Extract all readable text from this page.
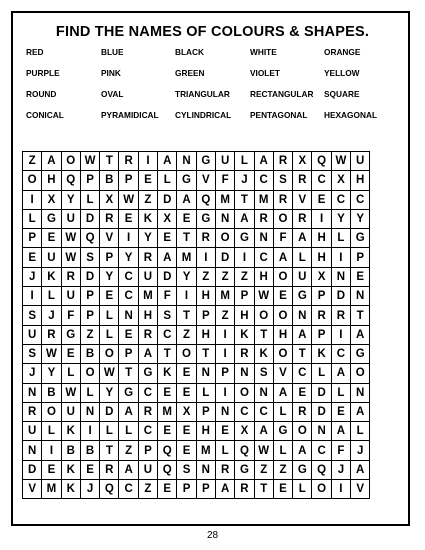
FIND THE NAMES OF COLOURS & SHAPES.
RED	BLUE	BLACK	WHITE	ORANGE
PURPLE	PINK	GREEN	VIOLET	YELLOW
ROUND	OVAL	TRIANGULAR RECTANGULAR SQUARE
CONICAL	PYRAMIDICAL CYLINDRICAL PENTAGONAL HEXAGONAL
Z	A	O	W	T	R	I	A	N	G	U	L	A	R	X	Q	W	U
O	H	Q	P	B	P	E	L	G	V	F	J	C	S	R	C	X	H
I	X	Y	L	X	W	Z	D	A	Q	M	T	M	R	V	E	C	C
L	G	U	D	R	E	K	X	E	G	N	A	R	O	R	I	Y	Y
P	E	W	Q	V	I	Y	E	T	R	O	G	N	F	A	H	L	G
E	U	W	S	P	Y	R	A	M	I	D	I	C	A	L	H	I	P
J	K	R	D	Y	C	U	D	Y	Z	Z	Z	H	O	U	X	N	E
I	L	U	P	E	C	M	F	I	H	M	P	W	E	G	P	D	N
S	J	F	P	L	N	H	S	T	P	Z	H	O	O	N	R	R	T
U	R	G	Z	L	E	R	C	Z	H	I	K	T	H	A	P	I	A
S	W	E	B	O	P	A	T	O	T	I	R	K	O	T	K	C	G
J	Y	L	O	W	T	G	K	E	N	P	N	S	V	C	L	A	O
N	B	W	L	Y	G	C	E	E	L	I	O	N	A	E	D	L	N
R	O	U	N	D	A	R	M	X	P	N	C	C	L	R	D	E	A
U	L	K	I	L	L	C	E	E	H	E	X	A	G	O	N	A	L
N	I	B	B	T	Z	P	Q	E	M	L	Q	W	L	A	C	F	J
D	E	K	E	R	A	U	Q	S	N	R	G	Z	Z	G	Q	J	A
V	M	K	J	Q	C	Z	E	P	P	A	R	T	E	L	O	I	V
28
